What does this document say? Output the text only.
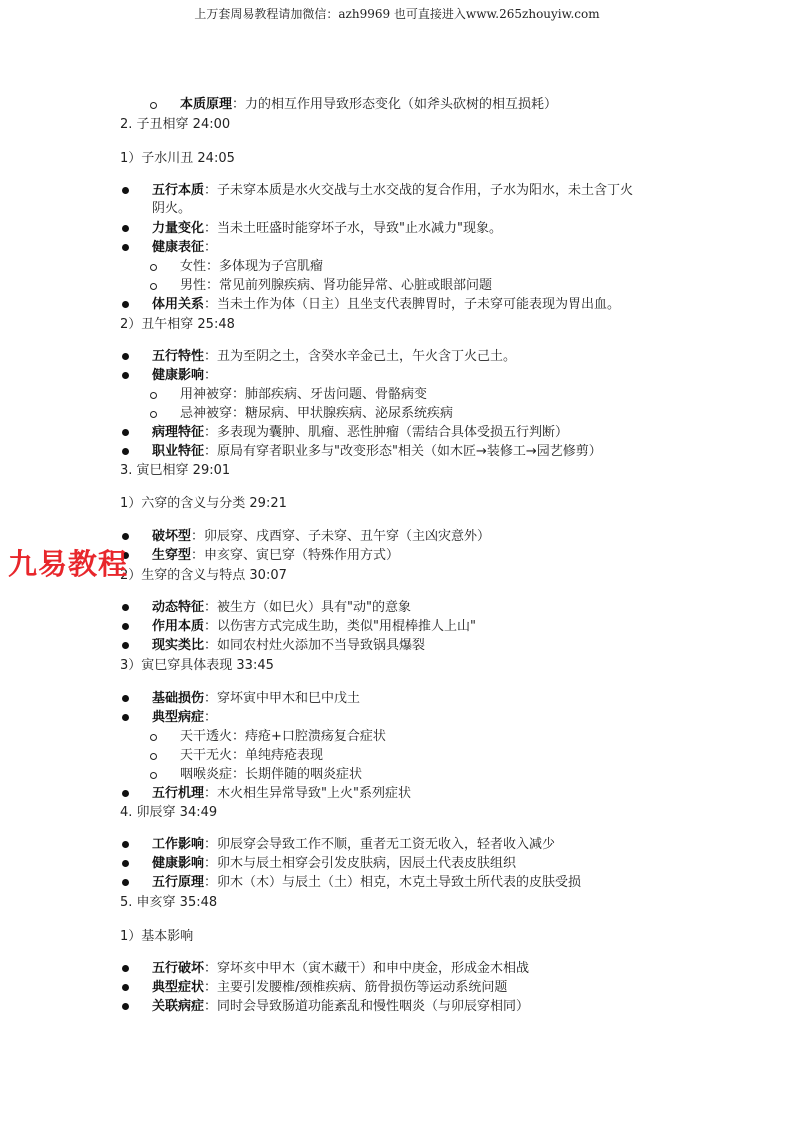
上万套周易教程请加微信：azh9969 也可直接进入www.265zhouyiw.com
本质原理：力的相互作用导致形态变化（如斧头砍树的相互损耗）
2. 子丑相穿 24:00
1）子水川丑 24:05
五行本质：子未穿本质是水火交战与土水交战的复合作用，子水为阳水，未土含丁火
阴火。
力量变化：当未土旺盛时能穿坏子水，导致"止水减力"现象。
健康表征：
女性：多体现为子宫肌瘤
男性：常见前列腺疾病、肾功能异常、心脏或眼部问题
体用关系：当未土作为体（日主）且坐支代表脾胃时，子未穿可能表现为胃出血。
2）丑午相穿 25:48
五行特性：丑为至阴之土，含癸水辛金己土，午火含丁火己土。
健康影响：
用神被穿：肺部疾病、牙齿问题、骨骼病变
忌神被穿：糖尿病、甲状腺疾病、泌尿系统疾病
病理特征：多表现为囊肿、肌瘤、恶性肿瘤（需结合具体受损五行判断）
职业特征：原局有穿者职业多与"改变形态"相关（如木匠→装修工→园艺修剪）
3. 寅巳相穿 29:01
1）六穿的含义与分类 29:21
破坏型：卯辰穿、戌酉穿、子未穿、丑午穿（主凶灾意外）
生穿型：申亥穿、寅巳穿（特殊作用方式）
2）生穿的含义与特点 30:07
动态特征：被生方（如巳火）具有"动"的意象
作用本质：以伤害方式完成生助，类似"用棍棒推人上山"
现实类比：如同农村灶火添加不当导致锅具爆裂
3）寅巳穿具体表现 33:45
基础损伤：穿坏寅中甲木和巳中戊土
典型病症：
天干透火：痔疮+口腔溃疡复合症状
天干无火：单纯痔疮表现
咽喉炎症：长期伴随的咽炎症状
五行机理：木火相生异常导致"上火"系列症状
4. 卯辰穿 34:49
工作影响：卯辰穿会导致工作不顺，重者无工资无收入，轻者收入减少
健康影响：卯木与辰土相穿会引发皮肤病，因辰土代表皮肤组织
五行原理：卯木（木）与辰土（土）相克，木克土导致土所代表的皮肤受损
5. 申亥穿 35:48
1）基本影响
五行破坏：穿坏亥中甲木（寅木藏干）和申中庚金，形成金木相战
典型症状：主要引发腰椎/颈椎疾病、筋骨损伤等运动系统问题
关联病症：同时会导致肠道功能紊乱和慢性咽炎（与卯辰穿相同）
九易教程
